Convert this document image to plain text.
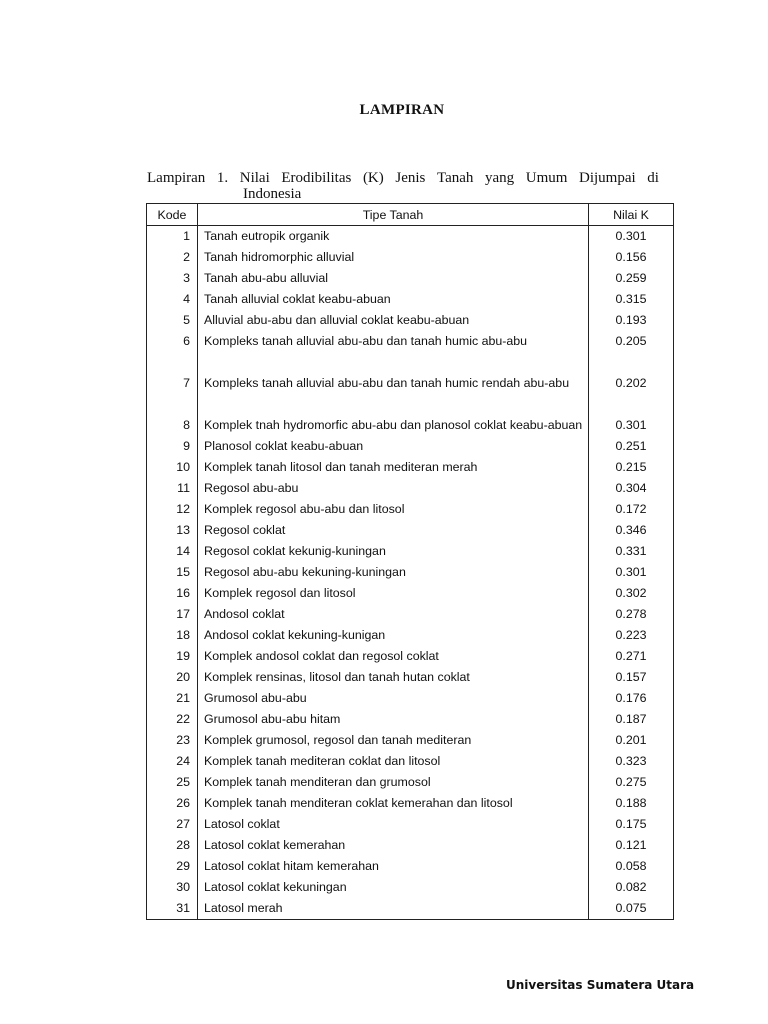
LAMPIRAN
Lampiran 1. Nilai Erodibilitas (K) Jenis Tanah yang Umum Dijumpai di
Indonesia
Kode	Tipe Tanah	Nilai K
1	Tanah eutropik organik	0.301
2	Tanah hidromorphic alluvial	0.156
3	Tanah abu-abu alluvial	0.259
4	Tanah alluvial coklat keabu-abuan	0.315
5	Alluvial abu-abu dan alluvial coklat keabu-abuan	0.193
6	Kompleks tanah alluvial abu-abu dan tanah humic abu-abu	0.205
7	Kompleks tanah alluvial abu-abu dan tanah humic rendah abu-abu	0.202
8	Komplek tnah hydromorfic abu-abu dan planosol coklat keabu-abuan	0.301
9	Planosol coklat keabu-abuan	0.251
10	Komplek tanah litosol dan tanah mediteran merah	0.215
11	Regosol abu-abu	0.304
12	Komplek regosol abu-abu dan litosol	0.172
13	Regosol coklat	0.346
14	Regosol coklat kekunig-kuningan	0.331
15	Regosol abu-abu kekuning-kuningan	0.301
16	Komplek regosol dan litosol	0.302
17	Andosol coklat	0.278
18	Andosol coklat kekuning-kunigan	0.223
19	Komplek andosol coklat dan regosol coklat	0.271
20	Komplek rensinas, litosol dan tanah hutan coklat	0.157
21	Grumosol abu-abu	0.176
22	Grumosol abu-abu hitam	0.187
23	Komplek grumosol, regosol dan tanah mediteran	0.201
24	Komplek tanah mediteran coklat dan litosol	0.323
25	Komplek tanah menditeran dan grumosol	0.275
26	Komplek tanah menditeran coklat kemerahan dan litosol	0.188
27	Latosol coklat	0.175
28	Latosol coklat kemerahan	0.121
29	Latosol coklat hitam kemerahan	0.058
30	Latosol coklat kekuningan	0.082
31	Latosol merah	0.075
Universitas Sumatera Utara
